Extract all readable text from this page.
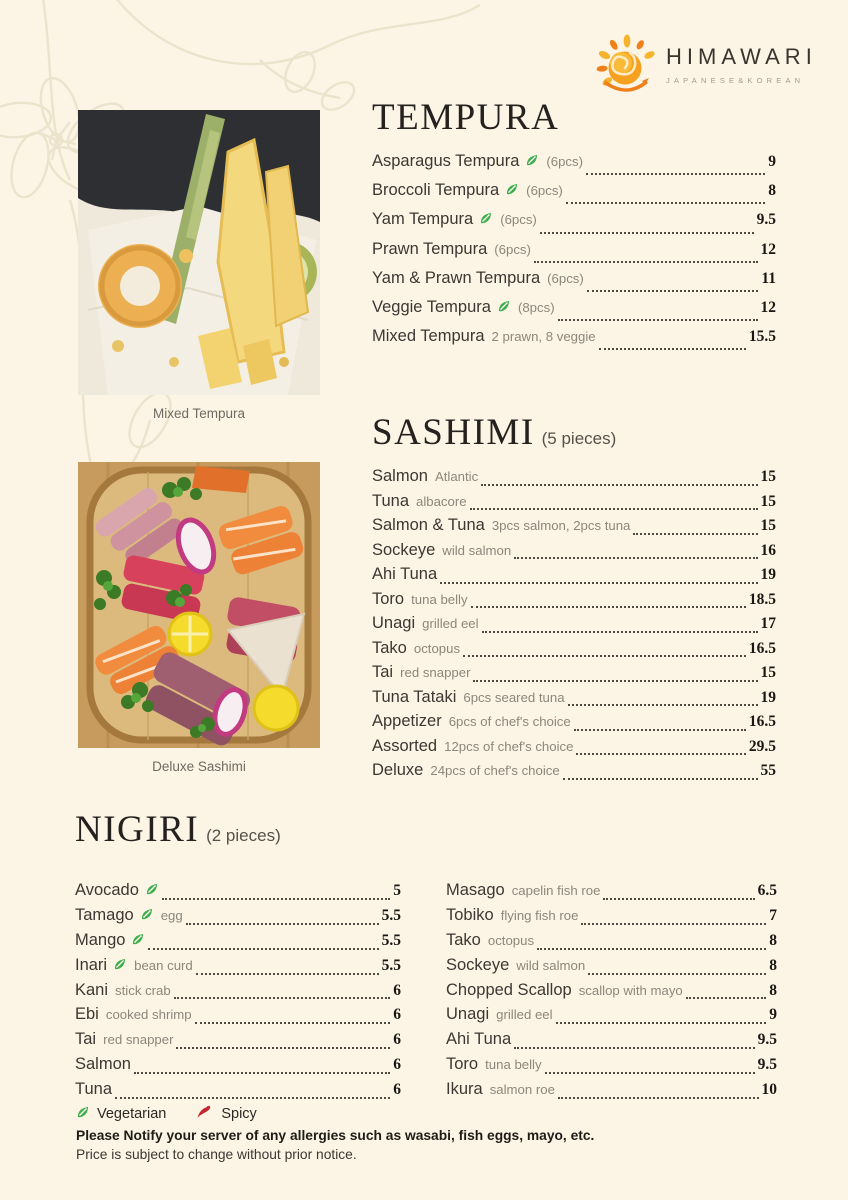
HIMAWARI
JAPANESE&KOREAN
Mixed Tempura
Deluxe Sashimi
TEMPURA
Asparagus Tempura (6pcs)	9
Broccoli Tempura (6pcs)	8
Yam Tempura (6pcs)	9.5
Prawn Tempura (6pcs)	12
Yam & Prawn Tempura (6pcs)	11
Veggie Tempura (8pcs)	12
Mixed Tempura 2 prawn, 8 veggie	15.5
SASHIMI (5 pieces)
Salmon Atlantic	15
Tuna albacore	15
Salmon & Tuna 3pcs salmon, 2pcs tuna	15
Sockeye wild salmon	16
Ahi Tuna	19
Toro tuna belly	18.5
Unagi grilled eel	17
Tako octopus	16.5
Tai red snapper	15
Tuna Tataki 6pcs seared tuna	19
Appetizer 6pcs of chef's choice	16.5
Assorted 12pcs of chef's choice	29.5
Deluxe 24pcs of chef's choice	55
NIGIRI (2 pieces)
Avocado	5
Tamago egg	5.5
Mango	5.5
Inari bean curd	5.5
Kani stick crab	6
Ebi cooked shrimp	6
Tai red snapper	6
Salmon	6
Tuna	6
Masago capelin fish roe	6.5
Tobiko flying fish roe	7
Tako octopus	8
Sockeye wild salmon	8
Chopped Scallop scallop with mayo	8
Unagi grilled eel	9
Ahi Tuna	9.5
Toro tuna belly	9.5
Ikura salmon roe	10
Vegetarian	Spicy
Please Notify your server of any allergies such as wasabi, fish eggs, mayo, etc.
Price is subject to change without prior notice.
